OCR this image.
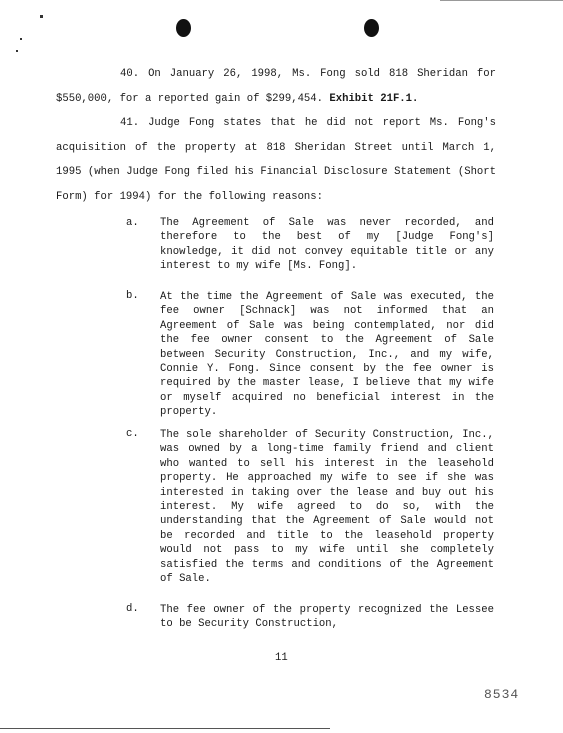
40. On January 26, 1998, Ms. Fong sold 818 Sheridan for $550,000, for a reported gain of $299,454. Exhibit 21F.1.

41. Judge Fong states that he did not report Ms. Fong's acquisition of the property at 818 Sheridan Street until March 1, 1995 (when Judge Fong filed his Financial Disclosure Statement (Short Form) for 1994) for the following reasons:

a. The Agreement of Sale was never recorded, and therefore to the best of my [Judge Fong's] knowledge, it did not convey equitable title or any interest to my wife [Ms. Fong].

b. At the time the Agreement of Sale was executed, the fee owner [Schnack] was not informed that an Agreement of Sale was being contemplated, nor did the fee owner consent to the Agreement of Sale between Security Construction, Inc., and my wife, Connie Y. Fong. Since consent by the fee owner is required by the master lease, I believe that my wife or myself acquired no beneficial interest in the property.

c. The sole shareholder of Security Construction, Inc., was owned by a long-time family friend and client who wanted to sell his interest in the leasehold property. He approached my wife to see if she was interested in taking over the lease and buy out his interest. My wife agreed to do so, with the understanding that the Agreement of Sale would not be recorded and title to the leasehold property would not pass to my wife until she completely satisfied the terms and conditions of the Agreement of Sale.

d. The fee owner of the property recognized the Lessee to be Security Construction,

11
8534
